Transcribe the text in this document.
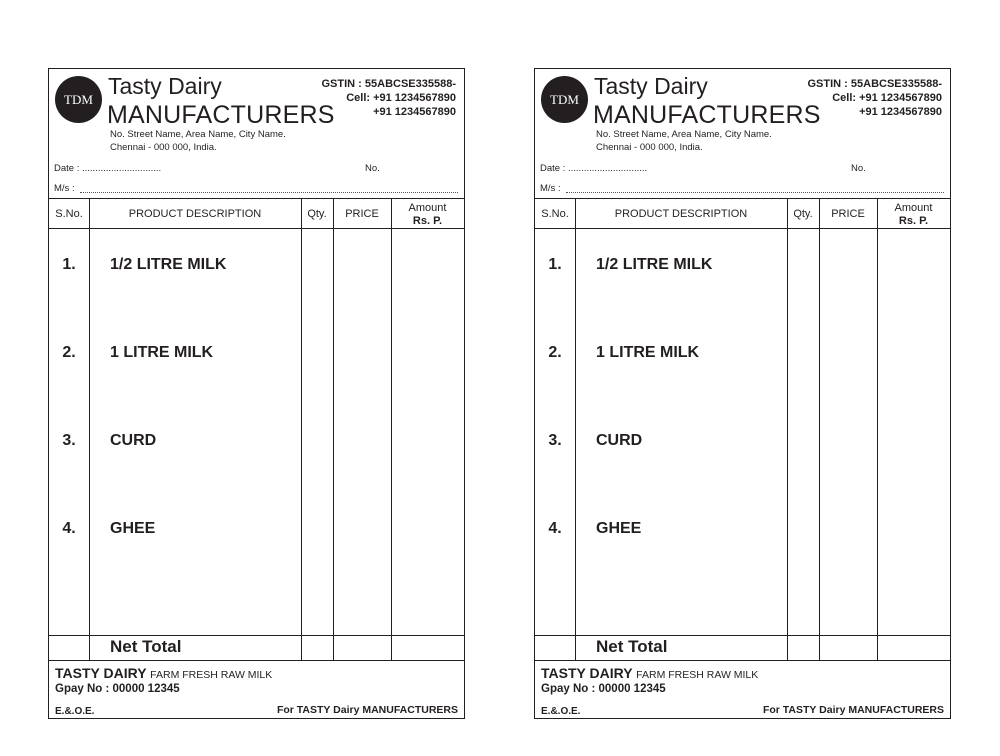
TDM Tasty Dairy
MANUFACTURERS
No. Street Name, Area Name, City Name.
Chennai - 000 000, India.
GSTIN : 55ABCSE335588-
Cell: +91 1234567890
+91 1234567890
Date : ..............................	No.
M/s :
S.No.	PRODUCT DESCRIPTION	Qty.	PRICE	Amount
Rs. P.
1.	1/2 LITRE MILK
2.	1 LITRE MILK
3.	CURD
4.	GHEE
Net Total
TASTY DAIRY FARM FRESH RAW MILK
Gpay No : 00000 12345
E.&.O.E.	For TASTY Dairy MANUFACTURERS
TDM Tasty Dairy
MANUFACTURERS
No. Street Name, Area Name, City Name.
Chennai - 000 000, India.
GSTIN : 55ABCSE335588-
Cell: +91 1234567890
+91 1234567890
Date : ..............................	No.
M/s :
S.No.	PRODUCT DESCRIPTION	Qty.	PRICE	Amount
Rs. P.
1.	1/2 LITRE MILK
2.	1 LITRE MILK
3.	CURD
4.	GHEE
Net Total
TASTY DAIRY FARM FRESH RAW MILK
Gpay No : 00000 12345
E.&.O.E.	For TASTY Dairy MANUFACTURERS
